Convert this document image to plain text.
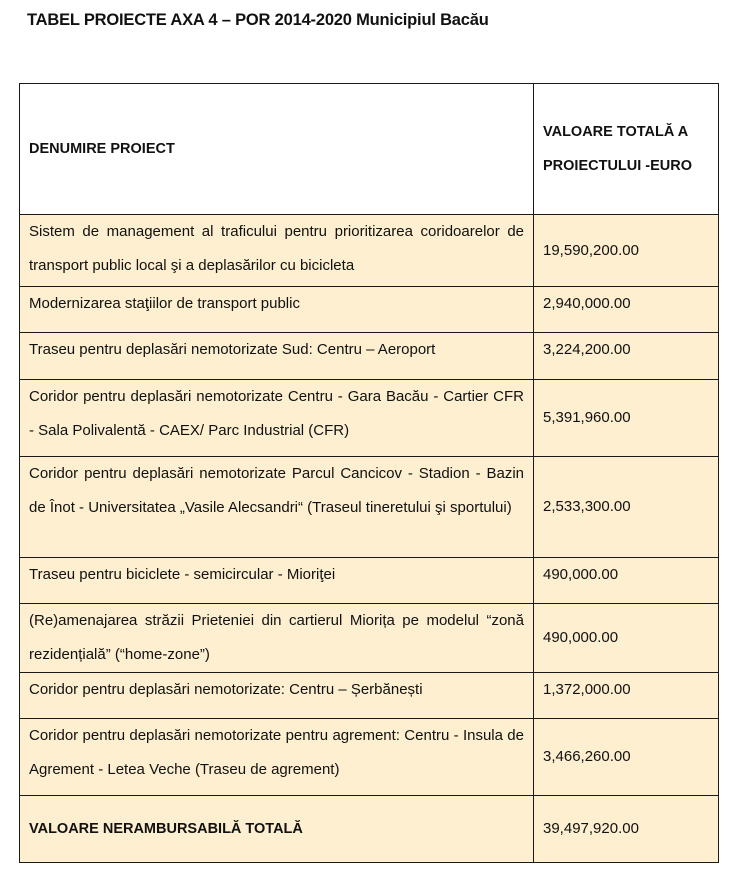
TABEL PROIECTE AXA 4 – POR 2014-2020 Municipiul Bacău
DENUMIRE PROIECT	VALOARE TOTALĂ A
PROIECTULUI -EURO

Sistem de management al traficului pentru prioritizarea coridoarelor de transport public local şi a deplasărilor cu bicicleta	19,590,200.00
Modernizarea staţiilor de transport public	2,940,000.00
Traseu pentru deplasări nemotorizate Sud: Centru – Aeroport	3,224,200.00
Coridor pentru deplasări nemotorizate Centru - Gara Bacău - Cartier CFR - Sala Polivalentă - CAEX/ Parc Industrial (CFR)	5,391,960.00
Coridor pentru deplasări nemotorizate Parcul Cancicov - Stadion - Bazin de Înot - Universitatea „Vasile Alecsandri“ (Traseul tineretului şi sportului)	2,533,300.00
Traseu pentru biciclete - semicircular - Mioriţei	490,000.00
(Re)amenajarea străzii Prieteniei din cartierul Miorița pe modelul “zonă rezidențială” (“home-zone”)	490,000.00
Coridor pentru deplasări nemotorizate: Centru – Șerbănești	1,372,000.00
Coridor pentru deplasări nemotorizate pentru agrement: Centru - Insula de Agrement - Letea Veche (Traseu de agrement)	3,466,260.00
VALOARE NERAMBURSABILĂ TOTALĂ	39,497,920.00
